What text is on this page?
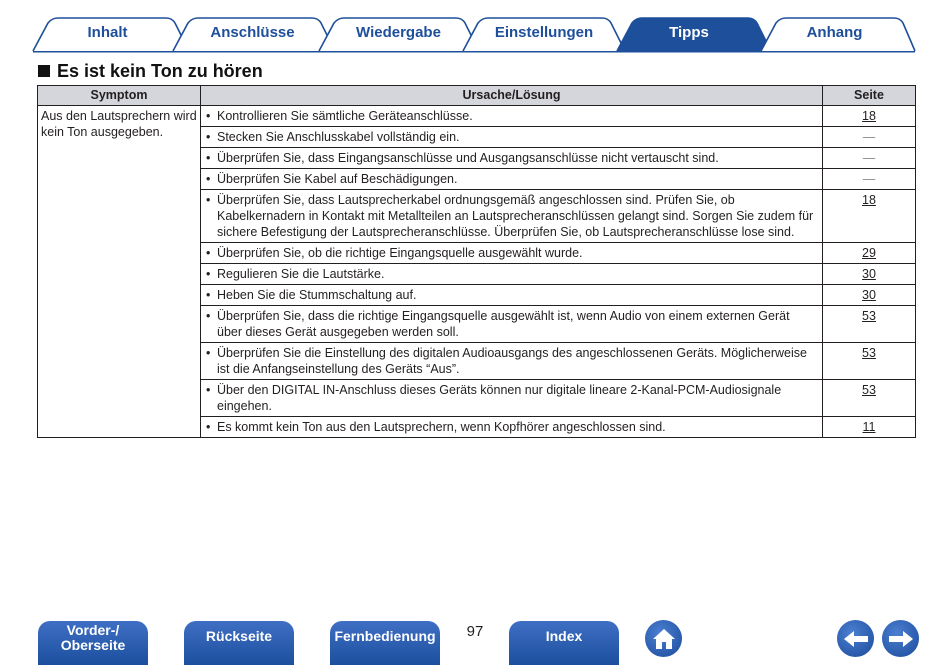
Inhalt	Anschlüsse	Wiedergabe	Einstellungen	Tipps	Anhang
Es ist kein Ton zu hören
Symptom	Ursache/Lösung	Seite
Aus den Lautsprechern wird kein Ton ausgegeben.	• Kontrollieren Sie sämtliche Geräteanschlüsse.	18
	• Stecken Sie Anschlusskabel vollständig ein.	—
	• Überprüfen Sie, dass Eingangsanschlüsse und Ausgangsanschlüsse nicht vertauscht sind.	—
	• Überprüfen Sie Kabel auf Beschädigungen.	—
	• Überprüfen Sie, dass Lautsprecherkabel ordnungsgemäß angeschlossen sind. Prüfen Sie, ob Kabelkernadern in Kontakt mit Metallteilen an Lautsprecheranschlüssen gelangt sind. Sorgen Sie zudem für sichere Befestigung der Lautsprecheranschlüsse. Überprüfen Sie, ob Lautsprecheranschlüsse lose sind.	18
	• Überprüfen Sie, ob die richtige Eingangsquelle ausgewählt wurde.	29
	• Regulieren Sie die Lautstärke.	30
	• Heben Sie die Stummschaltung auf.	30
	• Überprüfen Sie, dass die richtige Eingangsquelle ausgewählt ist, wenn Audio von einem externen Gerät über dieses Gerät ausgegeben werden soll.	53
	• Überprüfen Sie die Einstellung des digitalen Audioausgangs des angeschlossenen Geräts. Möglicherweise ist die Anfangseinstellung des Geräts “Aus”.	53
	• Über den DIGITAL IN-Anschluss dieses Geräts können nur digitale lineare 2-Kanal-PCM-Audiosignale eingehen.	53
	• Es kommt kein Ton aus den Lautsprechern, wenn Kopfhörer angeschlossen sind.	11
Vorder-/
Oberseite
Rückseite	Fernbedienung	97	Index
